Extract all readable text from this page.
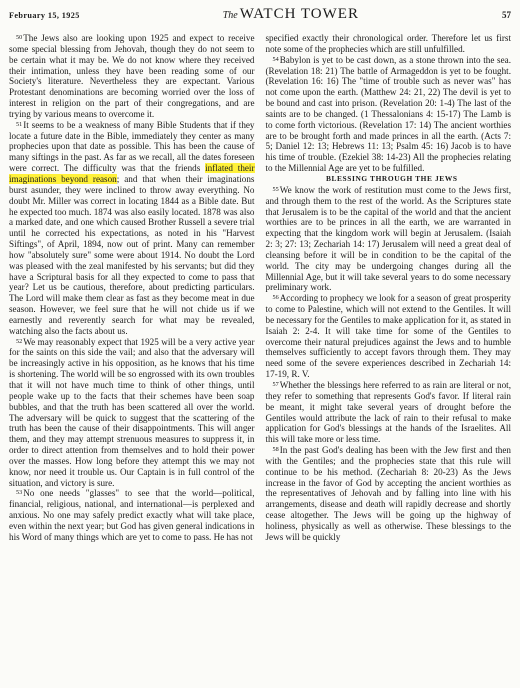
February 15, 1925	The WATCH TOWER	57

$^{50}$The Jews also are looking upon 1925 and expect to receive some special blessing from Jehovah, though they do not seem to be certain what it may be. We do not know where they received their intimation, unless they have been reading some of our Society's literature. Nevertheless they are expectant. Various Protestant denominations are becoming worried over the loss of interest in religion on the part of their congregations, and are trying by various means to overcome it.

$^{51}$It seems to be a weakness of many Bible Students that if they locate a future date in the Bible, immediately they center as many prophecies upon that date as possible. This has been the cause of many siftings in the past. As far as we recall, all the dates foreseen were correct. The difficulty was that the friends inflated their imaginations beyond reason; and that when their imaginations burst asunder, they were inclined to throw away everything. No doubt Mr. Miller was correct in locating 1844 as a Bible date. But he expected too much. 1874 was also easily located. 1878 was also a marked date, and one which caused Brother Russell a severe trial until he corrected his expectations, as noted in his "Harvest Siftings", of April, 1894, now out of print. Many can remember how "absolutely sure" some were about 1914. No doubt the Lord was pleased with the zeal manifested by his servants; but did they have a Scriptural basis for all they expected to come to pass that year? Let us be cautious, therefore, about predicting particulars. The Lord will make them clear as fast as they become meat in due season. However, we feel sure that he will not chide us if we earnestly and reverently search for what may be revealed, watching also the facts about us.

$^{52}$We may reasonably expect that 1925 will be a very active year for the saints on this side the vail; and also that the adversary will be increasingly active in his opposition, as he knows that his time is shortening. The world will be so engrossed with its own troubles that it will not have much time to think of other things, until people wake up to the facts that their schemes have been soap bubbles, and that the truth has been scattered all over the world. The adversary will be quick to suggest that the scattering of the truth has been the cause of their disappointments. This will anger them, and they may attempt strenuous measures to suppress it, in order to direct attention from themselves and to hold their power over the masses. How long before they attempt this we may not know, nor need it trouble us. Our Captain is in full control of the situation, and victory is sure.

$^{53}$No one needs "glasses" to see that the world—political, financial, religious, national, and international—is perplexed and anxious. No one may safely predict exactly what will take place, even within the next year; but God has given general indications in his Word of many things which are yet to come to pass. He has not

specified exactly their chronological order. Therefore let us first note some of the prophecies which are still unfulfilled.

$^{54}$Babylon is yet to be cast down, as a stone thrown into the sea. (Revelation 18: 21) The battle of Armageddon is yet to be fought. (Revelation 16: 16) The "time of trouble such as never was" has not come upon the earth. (Matthew 24: 21, 22) The devil is yet to be bound and cast into prison. (Revelation 20: 1-4) The last of the saints are to be changed. (1 Thessalonians 4: 15-17) The Lamb is to come forth victorious. (Revelation 17: 14) The ancient worthies are to be brought forth and made princes in all the earth. (Acts 7: 5; Daniel 12: 13; Hebrews 11: 13; Psalm 45: 16) Jacob is to have his time of trouble. (Ezekiel 38: 14-23) All the prophecies relating to the Millennial Age are yet to be fulfilled.

BLESSING THROUGH THE JEWS

$^{55}$We know the work of restitution must come to the Jews first, and through them to the rest of the world. As the Scriptures state that Jerusalem is to be the capital of the world and that the ancient worthies are to be princes in all the earth, we are warranted in expecting that the kingdom work will begin at Jerusalem. (Isaiah 2: 3; 27: 13; Zechariah 14: 17) Jerusalem will need a great deal of cleansing before it will be in condition to be the capital of the world. The city may be undergoing changes during all the Millennial Age, but it will take several years to do some necessary preliminary work.

$^{56}$According to prophecy we look for a season of great prosperity to come to Palestine, which will not extend to the Gentiles. It will be necessary for the Gentiles to make application for it, as stated in Isaiah 2: 2-4. It will take time for some of the Gentiles to overcome their natural prejudices against the Jews and to humble themselves sufficiently to accept favors through them. They may need some of the severe experiences described in Zechariah 14: 17-19, R. V.

$^{57}$Whether the blessings here referred to as rain are literal or not, they refer to something that represents God's favor. If literal rain be meant, it might take several years of drought before the Gentiles would attribute the lack of rain to their refusal to make application for God's blessings at the hands of the Israelites. All this will take more or less time.

$^{58}$In the past God's dealing has been with the Jew first and then with the Gentiles; and the prophecies state that this rule will continue to be his method. (Zechariah 8: 20-23) As the Jews increase in the favor of God by accepting the ancient worthies as the representatives of Jehovah and by falling into line with his arrangements, disease and death will rapidly decrease and shortly cease altogether. The Jews will be going up the highway of holiness, physically as well as otherwise. These blessings to the Jews will be quickly
